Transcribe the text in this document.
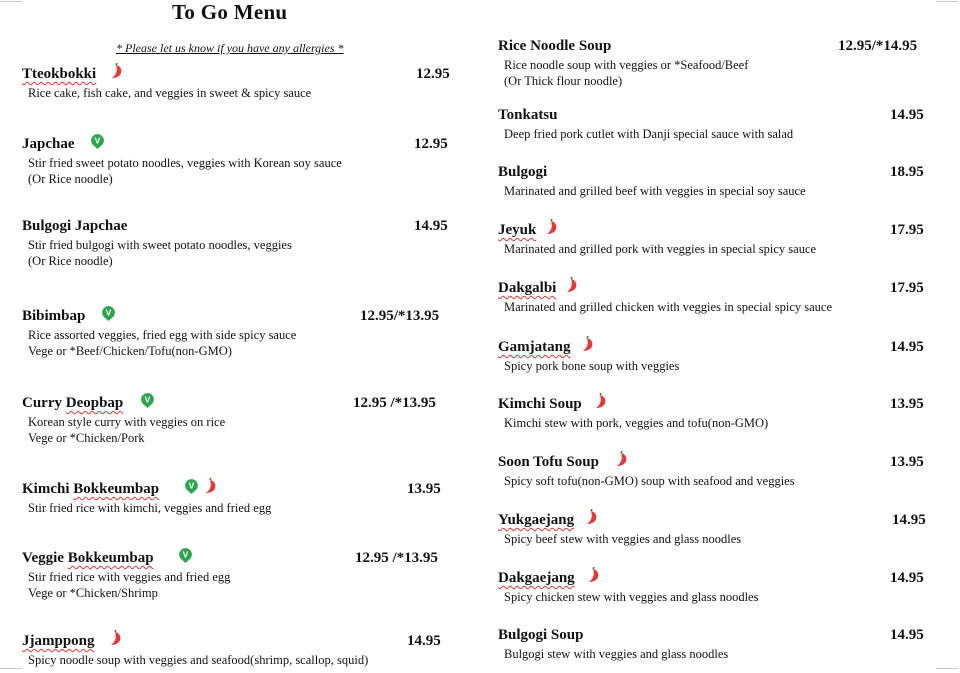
To Go Menu
* Please let us know if you have any allergies *
Tteokbokki	12.95
Rice cake, fish cake, and veggies in sweet & spicy sauce
Japchae V	12.95
Stir fried sweet potato noodles, veggies with Korean soy sauce
(Or Rice noodle)
Bulgogi Japchae	14.95
Stir fried bulgogi with sweet potato noodles, veggies
(Or Rice noodle)
Bibimbap V	12.95/*13.95
Rice assorted veggies, fried egg with side spicy sauce
Vege or *Beef/Chicken/Tofu(non-GMO)
Curry Deopbap	V	12.95 /*13.95
Korean style curry with veggies on rice
Vege or *Chicken/Pork
Kimchi Bokkeumbap	V	13.95
Stir fried rice with kimchi, veggies and fried egg
Veggie Bokkeumbap	V	12.95 /*13.95
Stir fried rice with veggies and fried egg
Vege or *Chicken/Shrimp
Jjamppong	14.95
Spicy noodle soup with veggies and seafood(shrimp, scallop, squid)
Rice Noodle Soup	12.95/*14.95
Rice noodle soup with veggies or *Seafood/Beef
(Or Thick flour noodle)
Tonkatsu	14.95
Deep fried pork cutlet with Danji special sauce with salad
Bulgogi	18.95
Marinated and grilled beef with veggies in special soy sauce
Jeyuk	17.95
Marinated and grilled pork with veggies in special spicy sauce
Dakgalbi	17.95
Marinated and grilled chicken with veggies in special spicy sauce
Gamjatang	14.95
Spicy pork bone soup with veggies
Kimchi Soup	13.95
Kimchi stew with pork, veggies and tofu(non-GMO)
Soon Tofu Soup	13.95
Spicy soft tofu(non-GMO) soup with seafood and veggies
Yukgaejang	14.95
Spicy beef stew with veggies and glass noodles
Dakgaejang	14.95
Spicy chicken stew with veggies and glass noodles
Bulgogi Soup	14.95
Bulgogi stew with veggies and glass noodles
